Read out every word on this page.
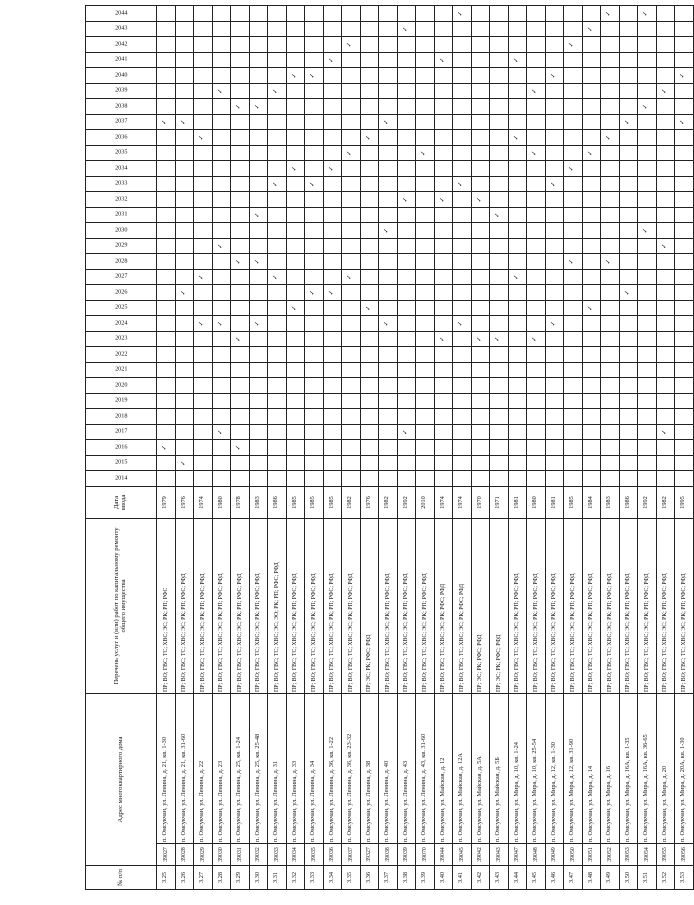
№ п/п	Адрес многоквартирного дома		Перечень услуг и (или) работ по капитальному ремонту общего имущества	Дата ввода	2014	2015	2016	2017	2018	2019	2020	2021	2022	2023	2024	2025	2026	2027	2028	2029	2030	2031	2032	2033	2034	2035	2036	2037	2038	2039	2040	2041	2042	2043	2044
3.25	39027	п. Омсукчан, ул. Ленина, д. 21, кв. 1-30	ПР; ВО; ГВС; ТС; ХВС; ЭС; РК; РП; РФС	1979			✓																					✓							
3.26	39028	п. Омсукчан, ул. Ленина, д. 21, кв. 31-60	ПР; ВО; ГВС; ТС; ХВС; ЭС; РК; РП; РФС; РФД	1976		✓											✓											✓							
3.27	39029	п. Омсукчан, ул. Ленина, д. 22	ПР; ВО; ГВС; ТС; ХВС; ЭС; РК; РП; РФС; РФД	1974											✓			✓									✓								
3.28	39030	п. Омсукчан, ул. Ленина, д. 23	ПР; ВО; ГВС; ТС; ХВС; ЭС; РК; РП; РФС; РФД	1980				✓							✓					✓										✓					
3.29	39031	п. Омсукчан, ул. Ленина, д. 25, кв. 1-24	ПР; ВО; ГВС; ТС; ХВС; ЭС; РК; РП; РФС; РФД	1978			✓							✓					✓										✓						
3.30	39032	п. Омсукчан, ул. Ленина, д. 25, кв. 25-48	ПР; ВО; ГВС; ТС; ХВС; ЭС; РК; РП; РФС; РФД	1983											✓				✓			✓							✓						
3.31	39033	п. Омсукчан, ул. Ленина, д. 31	ПР; ВО; ГВС; ТС; ХВС; ЭС; ЭО; РК; РП; РФС; РФД	1986														✓						✓						✓					
3.32	39034	п. Омсукчан, ул. Ленина, д. 33	ПР; ВО; ГВС; ТС; ХВС; ЭС; РК; РП; РФС; РФД	1985												✓									✓						✓				
3.33	39035	п. Омсукчан, ул. Ленина, д. 34	ПР; ВО; ГВС; ТС; ХВС; ЭС; РК; РП; РФС; РФД	1985													✓							✓							✓				
3.34	39036	п. Омсукчан, ул. Ленина, д. 36, кв. 1-22	ПР; ВО; ГВС; ТС; ХВС; ЭС; РК; РП; РФС; РФД	1985													✓								✓							✓			
3.35	39037	п. Омсукчан, ул. Ленина, д. 36, кв. 23-32	ПР; ВО; ГВС; ТС; ХВС; ЭС; РК; РП; РФС; РФД	1982														✓								✓							✓		
3.36	39327	п. Омсукчан, ул. Ленина, д. 38	ПР; ЭС; РК; РФС; РФД	1976												✓											✓								
3.37	39038	п. Омсукчан, ул. Ленина, д. 40	ПР; ВО; ГВС; ТС; ХВС; ЭС; РК; РП; РФС; РФД	1982											✓						✓							✓							
3.38	39039	п. Омсукчан, ул. Ленина, д. 43	ПР; ВО; ГВС; ТС; ХВС; ЭС; РК; РП; РФС; РФД	1992				✓															✓											✓	
3.39	39070	п. Омсукчан, ул. Ленина, д. 43, кв. 31-60	ПР; ВО; ГВС; ТС; ХВС; ЭС; РК; РП; РФС; РФД	2010																						✓									
3.40	39044	п. Омсукчан, ул. Майская, д. 12	ПР; ВО; ГВС; ТС; ХВС; ЭС; РК; РФС; РФД	1974										✓									✓									✓			
3.41	39045	п. Омсукчан, ул. Майская, д. 12А	ПР; ВО; ГВС; ТС; ХВС; ЭС; РК; РФС; РФД	1974											✓									✓											✓
3.42	39042	п. Омсукчан, ул. Майская, д. 5А	ПР; ЭС; РК; РФС; РФД	1970										✓									✓												
3.43	39043	п. Омсукчан, ул. Майская, д. 5Б	ПР; ЭС; РК; РФС; РФД	1971										✓								✓													
3.44	39047	п. Омсукчан, ул. Мира, д. 10, кв. 1-24	ПР; ВО; ГВС; ТС; ХВС; ЭС; РК; РП; РФС; РФД	1981														✓									✓					✓			
3.45	39048	п. Омсукчан, ул. Мира, д. 10, кв. 25-54	ПР; ВО; ГВС; ТС; ХВС; ЭС; РК; РП; РФС; РФД	1980										✓												✓				✓					
3.46	39049	п. Омсукчан, ул. Мира, д. 12, кв. 1-30	ПР; ВО; ГВС; ТС; ХВС; ЭС; РК; РП; РФС; РФД	1981											✓									✓							✓				
3.47	39050	п. Омсукчан, ул. Мира, д. 12, кв. 31-90	ПР; ВО; ГВС; ТС; ХВС; ЭС; РК; РП; РФС; РФД	1985															✓						✓								✓		
3.48	39051	п. Омсукчан, ул. Мира, д. 14	ПР; ВО; ГВС; ТС; ХВС; ЭС; РК; РП; РФС; РФД	1984												✓										✓								✓	
3.49	39052	п. Омсукчан, ул. Мира, д. 16	ПР; ВО; ГВС; ТС; ХВС; ЭС; РК; РП; РФС; РФД	1983															✓								✓								✓
3.50	39053	п. Омсукчан, ул. Мира, д. 16А, кв. 1-35	ПР; ВО; ГВС; ТС; ХВС; ЭС; РК; РП; РФС; РФД	1986													✓											✓							
3.51	39054	п. Омсукчан, ул. Мира, д. 16А, кв. 36-65	ПР; ВО; ГВС; ТС; ХВС; ЭС; РК; РП; РФС; РФД	1992																	✓								✓						✓
3.52	39055	п. Омсукчан, ул. Мира, д. 20	ПР; ВО; ГВС; ТС; ХВС; ЭС; РК; РП; РФС; РФД	1982				✓												✓										✓					
3.53	39056	п. Омсукчан, ул. Мира, д. 20А, кв. 1-30	ПР; ВО; ГВС; ТС; ХВС; ЭС; РК; РП; РФС; РФД	1995																								✓			✓				
